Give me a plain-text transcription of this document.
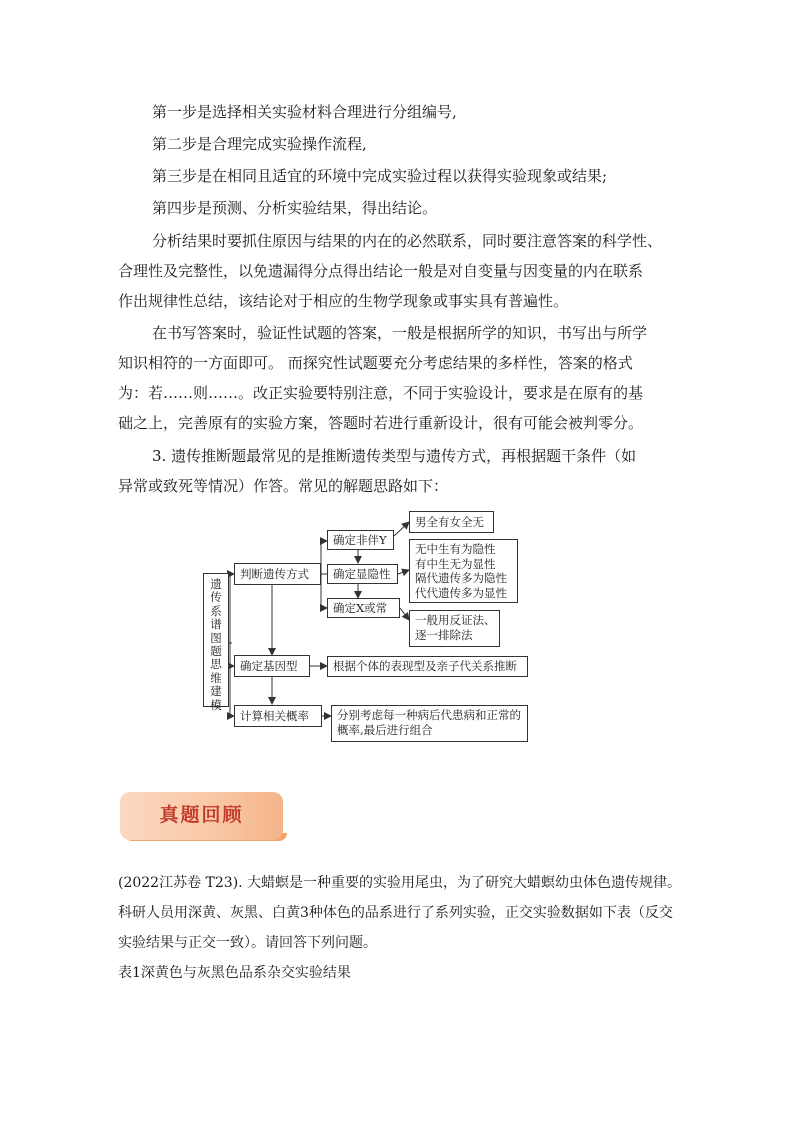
第一步是选择相关实验材料合理进行分组编号,
第二步是合理完成实验操作流程,
第三步是在相同且适宜的环境中完成实验过程以获得实验现象或结果;
第四步是预测、分析实验结果，得出结论。
分析结果时要抓住原因与结果的内在的必然联系，同时要注意答案的科学性、
合理性及完整性，以免遗漏得分点得出结论一般是对自变量与因变量的内在联系
作出规律性总结，该结论对于相应的生物学现象或事实具有普遍性。
在书写答案时，验证性试题的答案，一般是根据所学的知识，书写出与所学
知识相符的一方面即可。 而探究性试题要充分考虑结果的多样性，答案的格式
为：若……则……。改正实验要特别注意，不同于实验设计，要求是在原有的基
础之上，完善原有的实验方案，答题时若进行重新设计，很有可能会被判零分。
3. 遗传推断题最常见的是推断遗传类型与遗传方式，再根据题干条件（如
异常或致死等情况）作答。常见的解题思路如下：
遗传系谱图题思维建模
判断遗传方式
确定非伴Y
男全有女全无
确定显隐性
无中生有为隐性
有中生无为显性
隔代遗传多为隐性
代代遗传多为显性
确定X或常
一般用反证法、
逐一排除法
确定基因型	根据个体的表现型及亲子代关系推断
计算相关概率	分别考虑每一种病后代患病和正常的
概率,最后进行组合
真题回顾
(2022江苏卷 T23). 大蜡螟是一种重要的实验用尾虫，为了研究大蜡螟幼虫体色遗传规律。
科研人员用深黄、灰黑、白黄3种体色的品系进行了系列实验，正交实验数据如下表（反交
实验结果与正交一致）。请回答下列问题。
表1深黄色与灰黑色品系杂交实验结果
